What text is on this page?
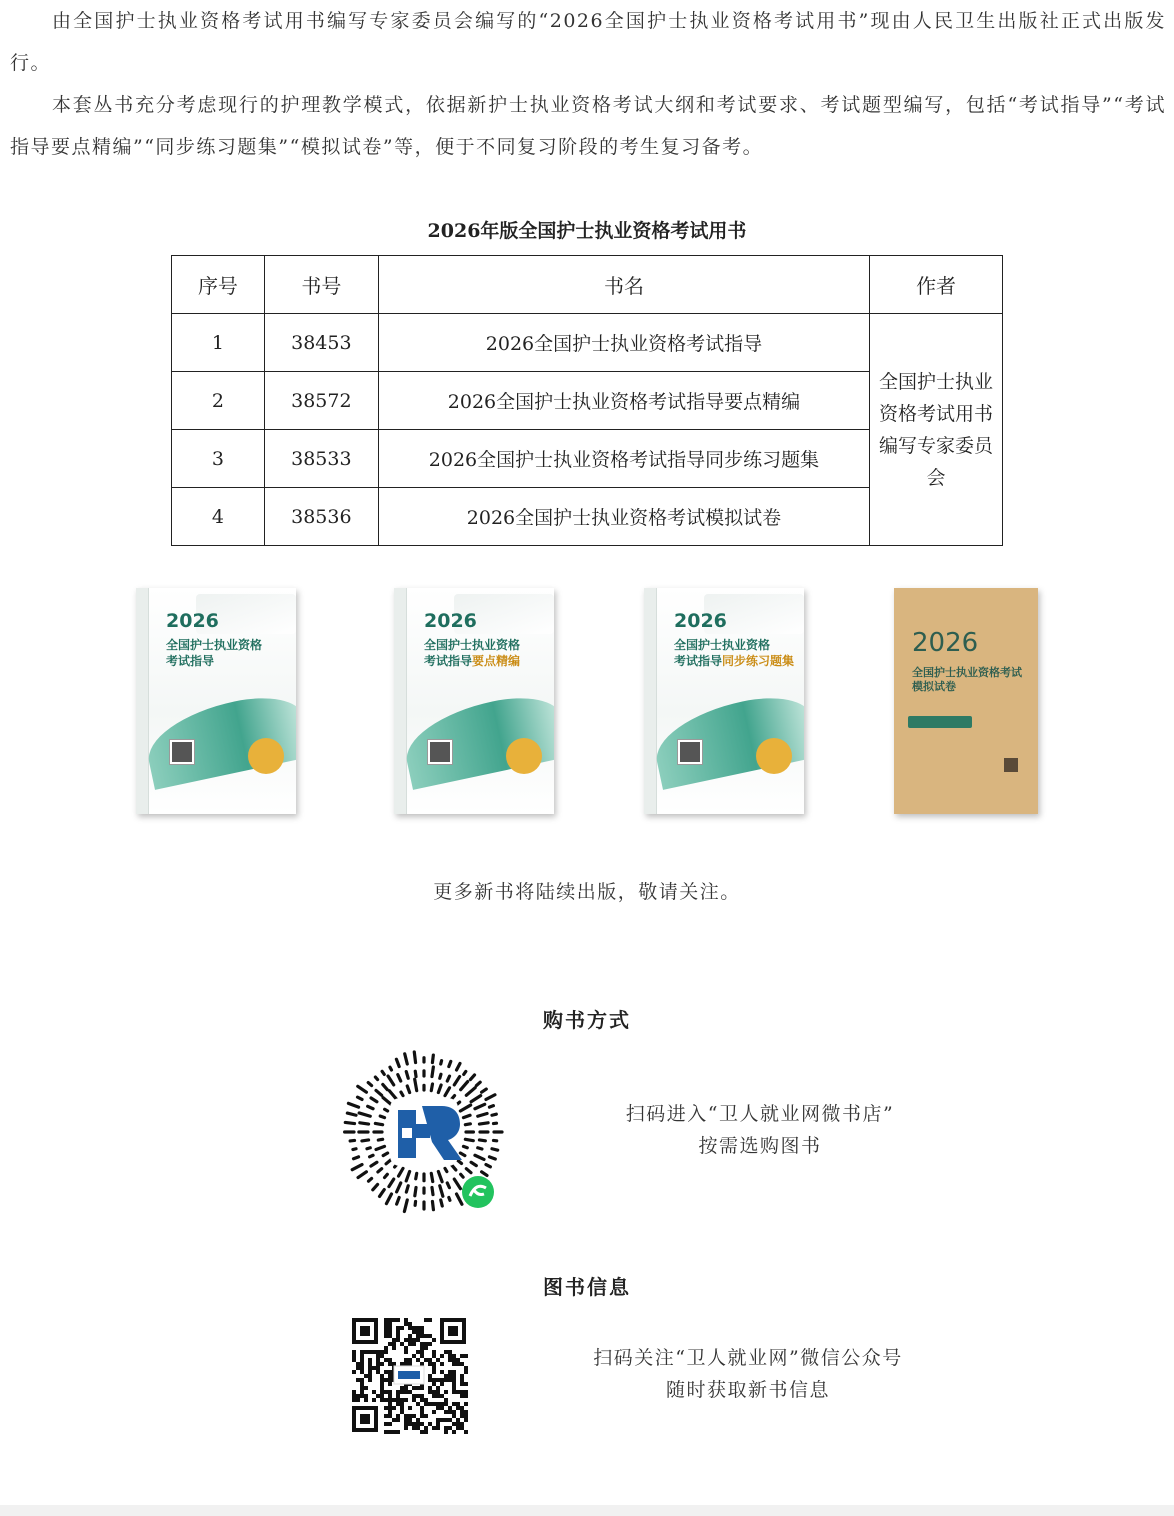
由全国护士执业资格考试用书编写专家委员会编写的“2026全国护士执业资格考试用书”现由人民卫生出版社正式出版发行。

本套丛书充分考虑现行的护理教学模式，依据新护士执业资格考试大纲和考试要求、考试题型编写，包括“考试指导”“考试指导要点精编”“同步练习题集”“模拟试卷”等，便于不同复习阶段的考生复习备考。

2026年版全国护士执业资格考试用书
序号	书号	书名	作者
1	38453	2026全国护士执业资格考试指导	全国护士执业资格考试用书编写专家委员会
2	38572	2026全国护士执业资格考试指导要点精编	
3	38533	2026全国护士执业资格考试指导同步练习题集	
4	38536	2026全国护士执业资格考试模拟试卷	
2026
全国护士执业资格
考试指导
2026
全国护士执业资格
考试指导要点精编
2026
全国护士执业资格
考试指导同步练习题集
2026
全国护士执业资格考试
模拟试卷
更多新书将陆续出版，敬请关注。
购书方式
扫码进入“卫人就业网微书店”
按需选购图书
图书信息
扫码关注“卫人就业网”微信公众号
随时获取新书信息
